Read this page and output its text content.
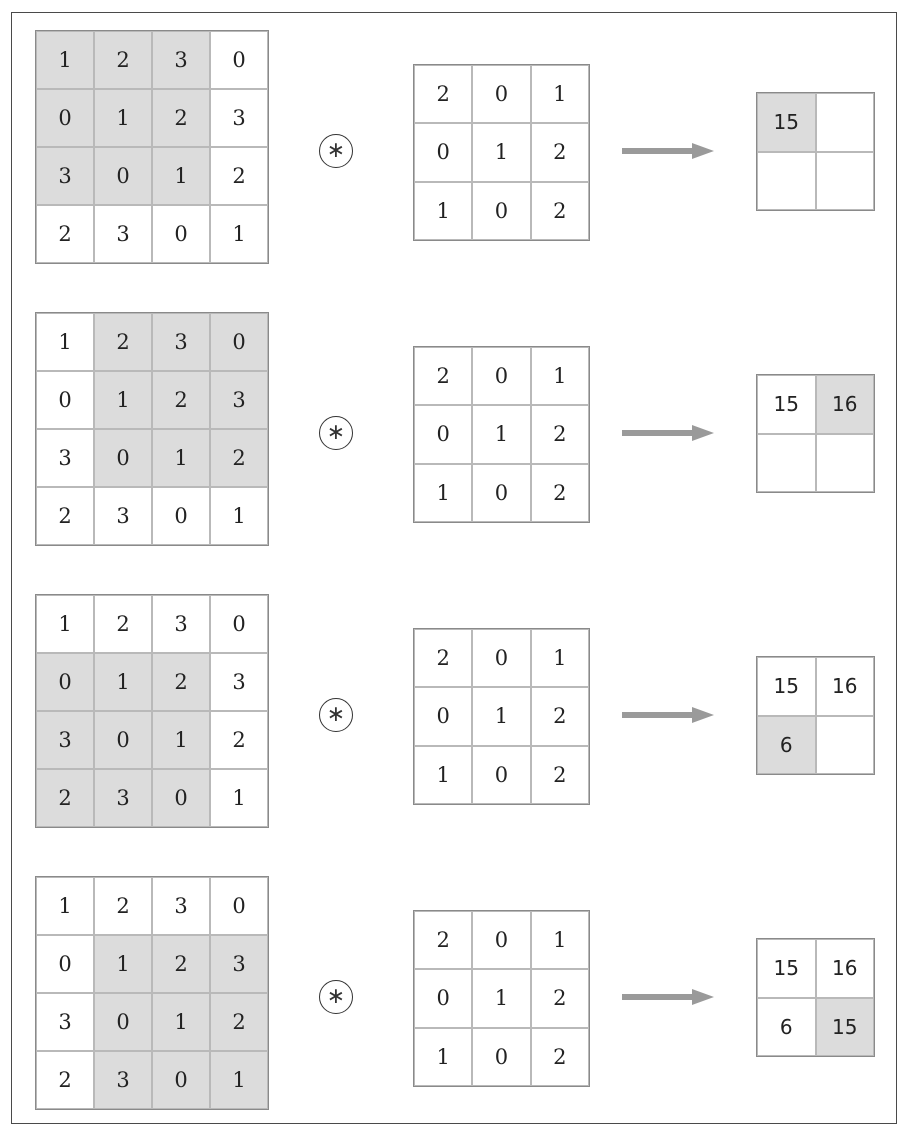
1	2	3	0
0	1	2	3
3	0	1	2
2	3	0	1
∗
2	0	1
0	1	2
1	0	2
15
1	2	3	0
0	1	2	3
3	0	1	2
2	3	0	1
∗
2	0	1
0	1	2
1	0	2
15	16
1	2	3	0
0	1	2	3
3	0	1	2
2	3	0	1
∗
2	0	1
0	1	2
1	0	2
15	16
6
1	2	3	0
0	1	2	3
3	0	1	2
2	3	0	1
∗
2	0	1
0	1	2
1	0	2
15	16
6	15
